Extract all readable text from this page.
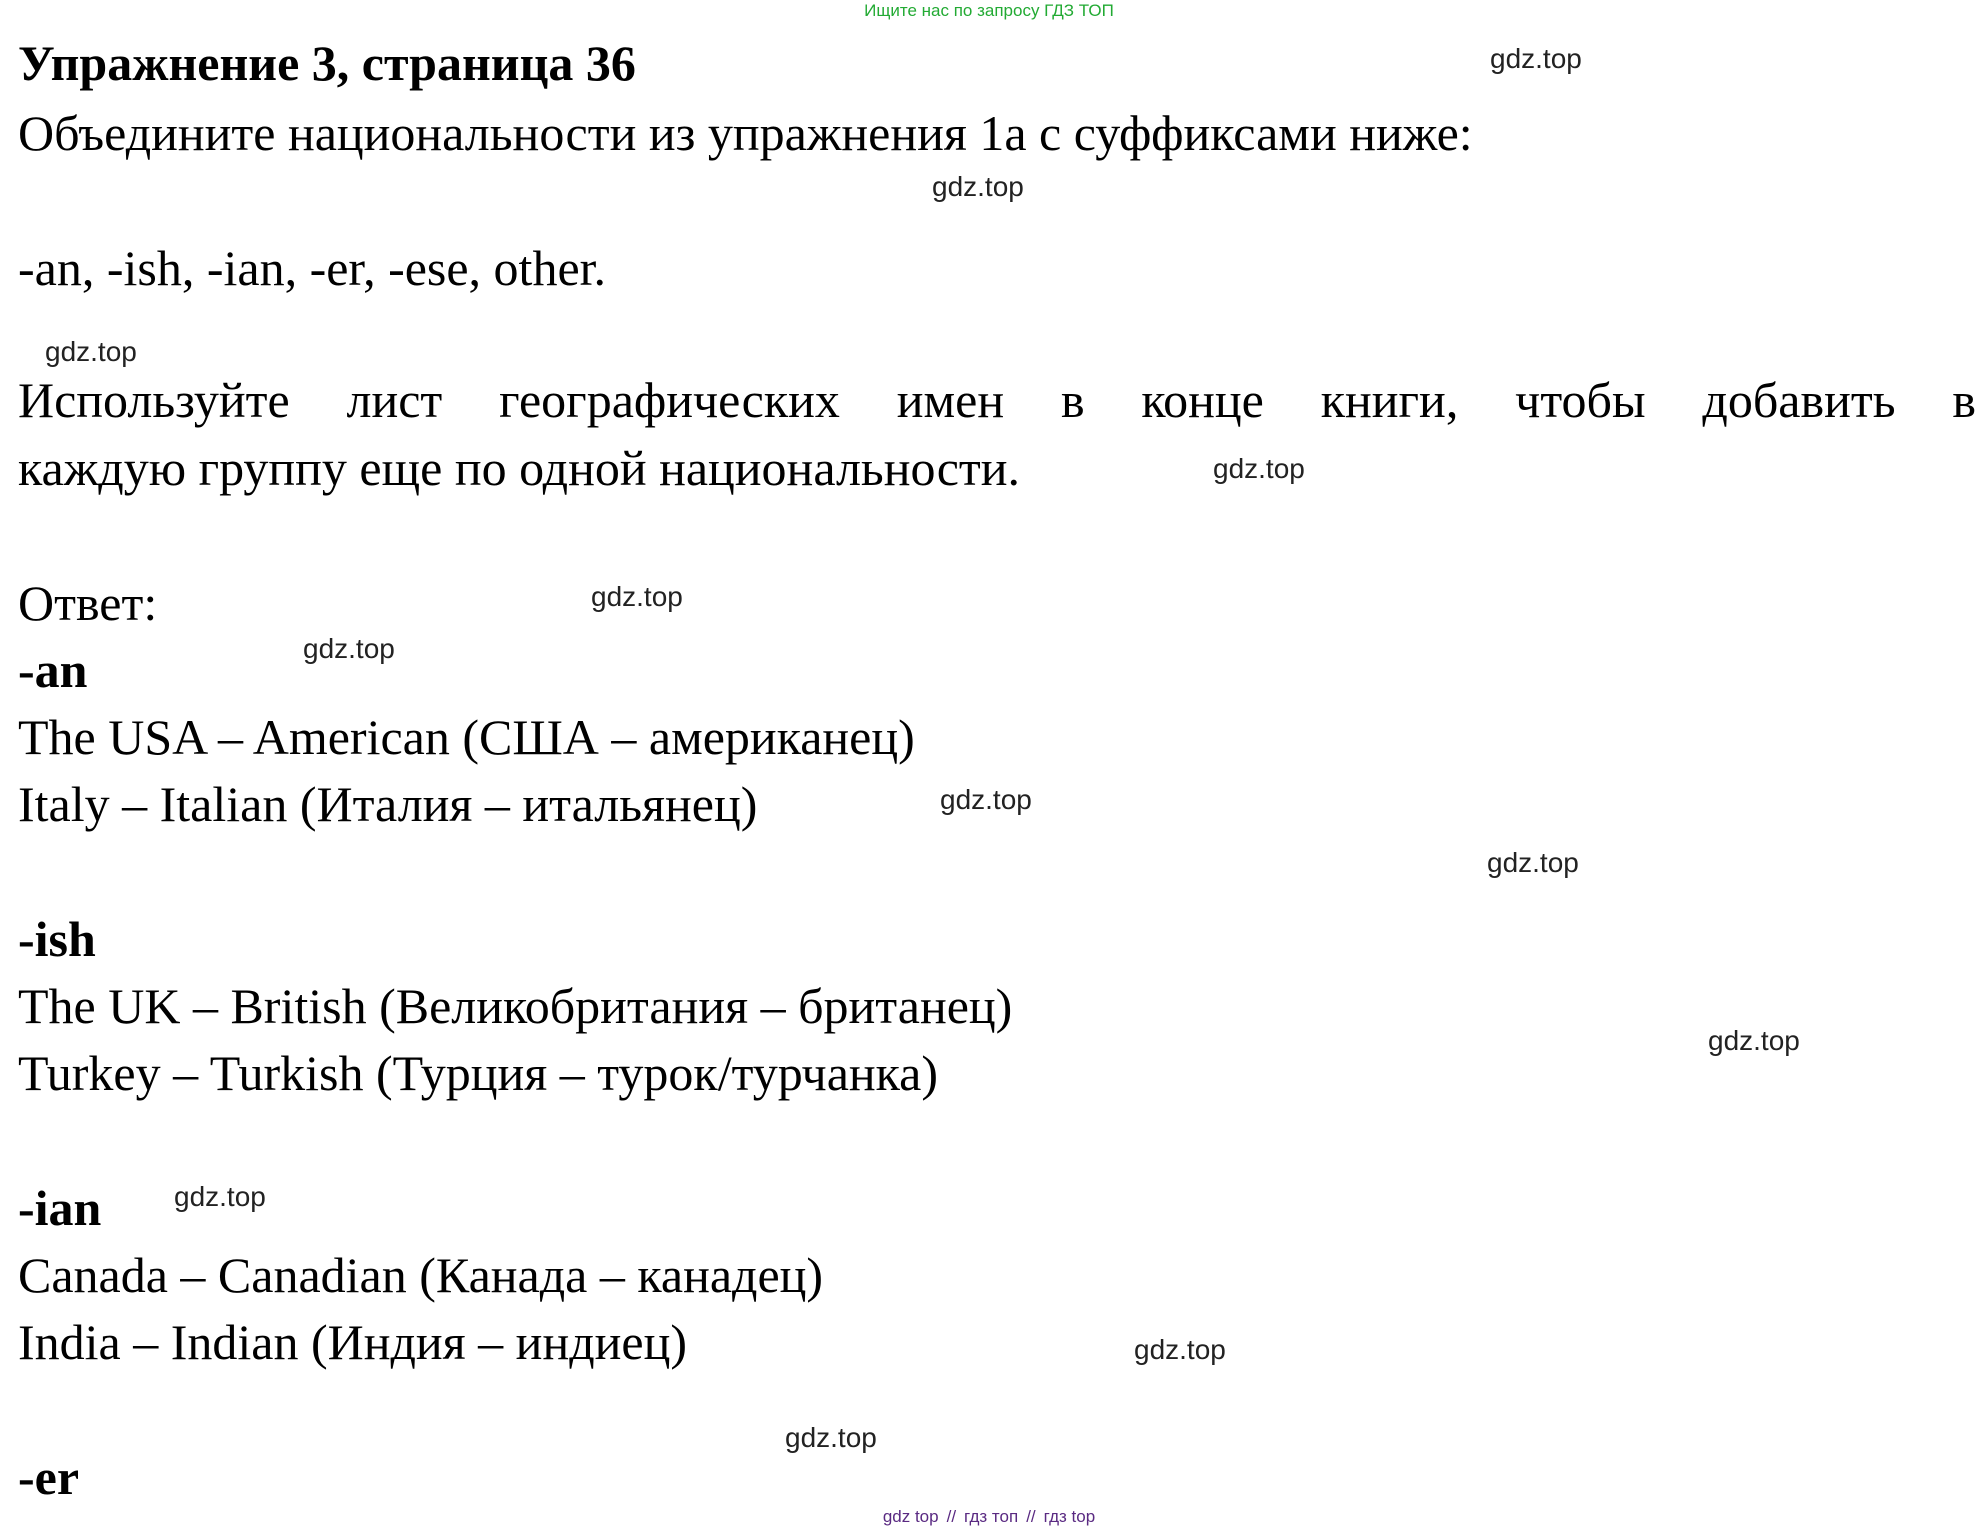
Ищите нас по запросу ГДЗ ТОП
Упражнение 3, страница 36
Объедините национальности из упражнения 1а с суффиксами ниже:
-an, -ish, -ian, -er, -ese, other.
Используйте лист географических имен в конце книги, чтобы добавить в
каждую группу еще по одной национальности.
Ответ:
-an
The USA – American (США – американец)
Italy – Italian (Италия – итальянец)
-ish
The UK – British (Великобритания – британец)
Turkey – Turkish (Турция – турок/турчанка)
-ian
Canada – Canadian (Канада – канадец)
India – Indian (Индия – индиец)
-er
gdz.top
gdz.top
gdz.top
gdz.top
gdz.top
gdz.top
gdz.top
gdz.top
gdz.top
gdz.top
gdz.top
gdz.top
gdz top // гдз топ // гдз top
